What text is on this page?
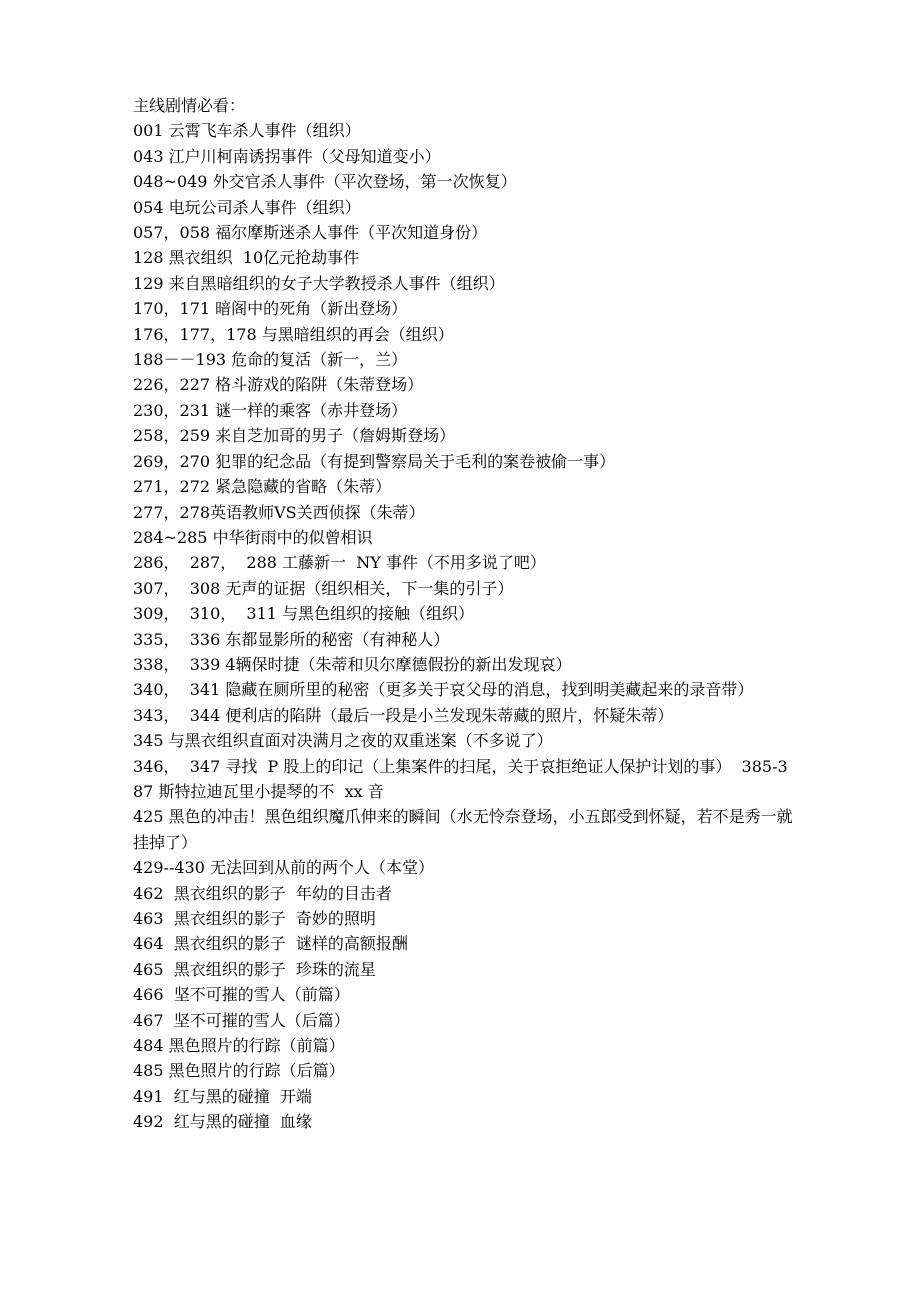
主线剧情必看：

001 云霄飞车杀人事件（组织）

043 江户川柯南诱拐事件（父母知道变小）

048~049 外交官杀人事件（平次登场，第一次恢复）

054 电玩公司杀人事件（组织）

057，058 福尔摩斯迷杀人事件（平次知道身份）

128 黑衣组织  10亿元抢劫事件

129 来自黑暗组织的女子大学教授杀人事件（组织）

170，171 暗阁中的死角（新出登场）

176，177，178 与黑暗组织的再会（组织）

188－－193 危命的复活（新一，兰）

226，227 格斗游戏的陷阱（朱蒂登场）

230，231 谜一样的乘客（赤井登场）

258，259 来自芝加哥的男子（詹姆斯登场）

269，270 犯罪的纪念品（有提到警察局关于毛利的案卷被偷一事）

271，272 紧急隐藏的省略（朱蒂）

277，278英语教师VS关西侦探（朱蒂）

284~285 中华街雨中的似曾相识

286，  287，  288 工藤新一  NY 事件（不用多说了吧）

307，  308 无声的证据（组织相关，下一集的引子）

309，  310，  311 与黑色组织的接触（组织）

335，  336 东都显影所的秘密（有神秘人）

338，  339 4辆保时捷（朱蒂和贝尔摩德假扮的新出发现哀）

340，  341 隐藏在厕所里的秘密（更多关于哀父母的消息，找到明美藏起来的录音带）

343，  344 便利店的陷阱（最后一段是小兰发现朱蒂藏的照片，怀疑朱蒂）

345 与黑衣组织直面对决满月之夜的双重迷案（不多说了）

346，  347 寻找  P 股上的印记（上集案件的扫尾，关于哀拒绝证人保护计划的事）  385-387 斯特拉迪瓦里小提琴的不  xx 音

425 黑色的冲击！黑色组织魔爪伸来的瞬间（水无怜奈登场，小五郎受到怀疑，若不是秀一就挂掉了）

429--430 无法回到从前的两个人（本堂）

462  黑衣组织的影子  年幼的目击者

463  黑衣组织的影子  奇妙的照明

464  黑衣组织的影子  谜样的高额报酬

465  黑衣组织的影子  珍珠的流星

466  坚不可摧的雪人（前篇）

467  坚不可摧的雪人（后篇）

484 黑色照片的行踪（前篇）

485 黑色照片的行踪（后篇）

491  红与黑的碰撞  开端

492  红与黑的碰撞  血缘
